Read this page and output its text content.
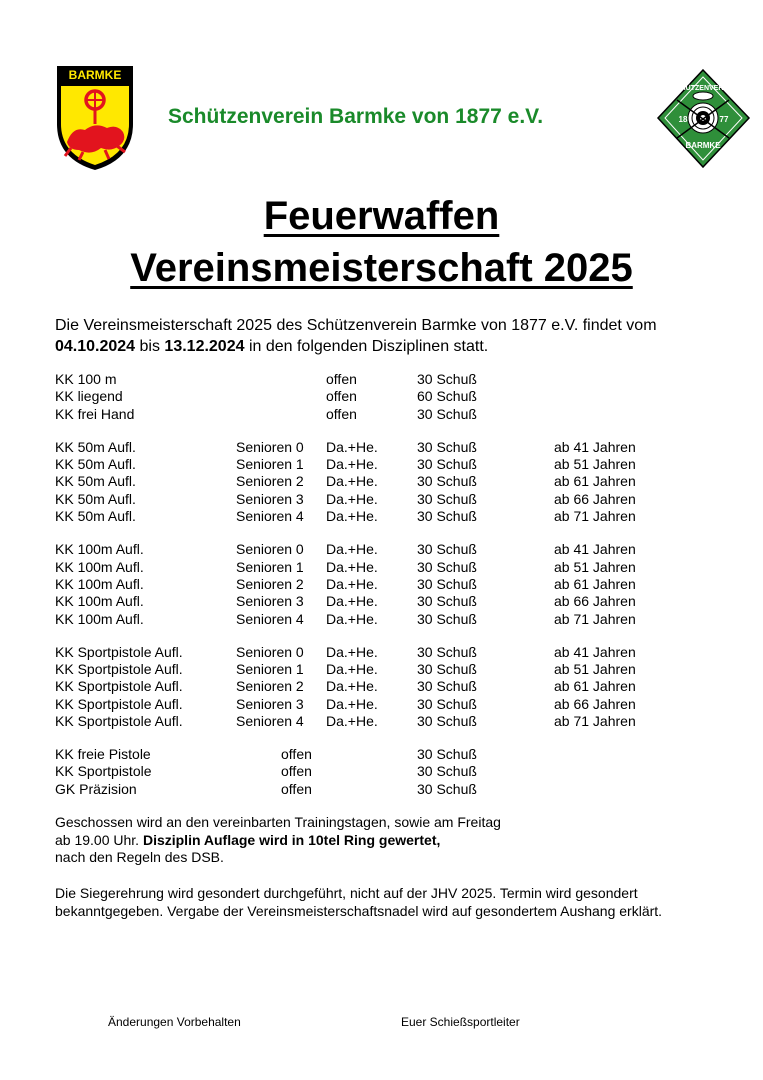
BARMKE
Schützenverein Barmke von 1877 e.V.
SCHÜTZENVEREIN
18	77
BARMKE
Feuerwaffen
Vereinsmeisterschaft 2025
Die Vereinsmeisterschaft 2025 des Schützenverein Barmke von 1877 e.V. findet vom
04.10.2024 bis 13.12.2024 in den folgenden Disziplinen statt.
KK 100 m	offen	30 Schuß
KK liegend	offen	60 Schuß
KK frei Hand	offen	30 Schuß
KK 50m Aufl.	Senioren 0 Da.+He.	30 Schuß	ab 41 Jahren
KK 50m Aufl.	Senioren 1 Da.+He.	30 Schuß	ab 51 Jahren
KK 50m Aufl.	Senioren 2 Da.+He.	30 Schuß	ab 61 Jahren
KK 50m Aufl.	Senioren 3 Da.+He.	30 Schuß	ab 66 Jahren
KK 50m Aufl.	Senioren 4 Da.+He.	30 Schuß	ab 71 Jahren
KK 100m Aufl.	Senioren 0 Da.+He.	30 Schuß	ab 41 Jahren
KK 100m Aufl.	Senioren 1 Da.+He.	30 Schuß	ab 51 Jahren
KK 100m Aufl.	Senioren 2 Da.+He.	30 Schuß	ab 61 Jahren
KK 100m Aufl.	Senioren 3 Da.+He.	30 Schuß	ab 66 Jahren
KK 100m Aufl.	Senioren 4 Da.+He.	30 Schuß	ab 71 Jahren
KK Sportpistole Aufl.	Senioren 0 Da.+He.	30 Schuß	ab 41 Jahren
KK Sportpistole Aufl.	Senioren 1 Da.+He.	30 Schuß	ab 51 Jahren
KK Sportpistole Aufl.	Senioren 2 Da.+He.	30 Schuß	ab 61 Jahren
KK Sportpistole Aufl.	Senioren 3 Da.+He.	30 Schuß	ab 66 Jahren
KK Sportpistole Aufl.	Senioren 4 Da.+He.	30 Schuß	ab 71 Jahren
KK freie Pistole	offen	30 Schuß
KK Sportpistole	offen	30 Schuß
GK Präzision	offen	30 Schuß
Geschossen wird an den vereinbarten Trainingstagen, sowie am Freitag
ab 19.00 Uhr. Disziplin Auflage wird in 10tel Ring gewertet,
nach den Regeln des DSB.
Die Siegerehrung wird gesondert durchgeführt, nicht auf der JHV 2025. Termin wird gesondert
bekanntgegeben. Vergabe der Vereinsmeisterschaftsnadel wird auf gesondertem Aushang erklärt.
Änderungen Vorbehalten	Euer Schießsportleiter
